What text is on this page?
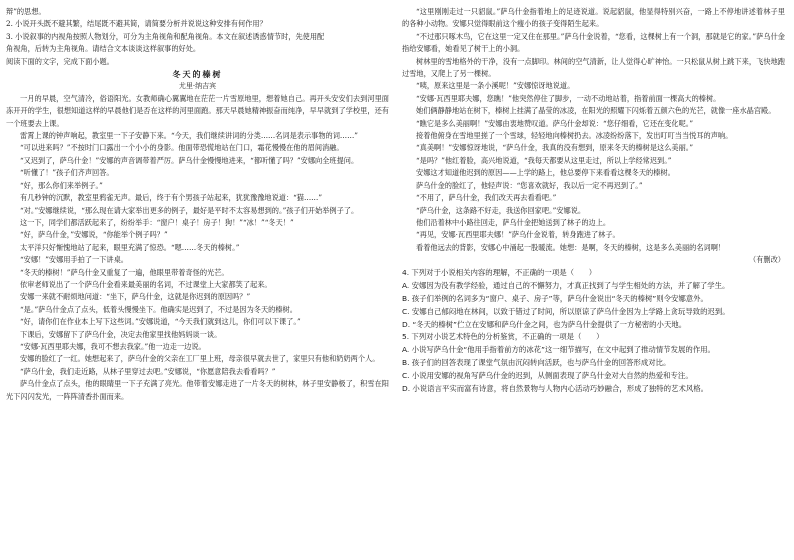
辩”的思想。

2. 小说开头既不避其繁，结尾既不避其简，请简要分析并说说这种安排有何作用？

3. 小说叙事的内视角按照人物划分，可分为主角视角和配角视角。本文在叙述诱惑情节时，先使用配

角视角，后转为主角视角。请结合文本谈谈这样叙事的好处。

阅读下面的文字，完成下面小题。

冬天的榛树

尤里·纳吉宾

一月的早晨，空气清冷，俗语阳光。女教师确心翼翼地在茫茫一片雪原地里，想着她自己。再开头安安们去到河里面冻开开的学生，很想知道这样的早晨他们是否在这样的河里面跑。那天早晨她精神振奋而纯净，早早就到了学校里，还有一个班要去上课。

雷霄上课的钟声响起，教室里一下子安静下来。“今天，我们继续讲词的分类……名词是表示事物的词……”

“可以进来吗？”不按时门口露出一个小小的身影。他面带恐慌地站在门口，霜花慢慢在他的眉间消融。

“又迟到了，萨乌什金！”安娜的声音调带着严厉。萨乌什金慢慢地进来，“都听懂了吗？”安娜向全班提问。

“听懂了！”孩子们齐声回答。

“好，那么你们来举例子。”

有几秒钟的沉默，教室里鸦雀无声。最后，终于有个男孩子站起来，犹犹豫豫地说道：“猫……”

“对。”安娜继续说，“那么现在请大家举出更多的例子，最好是平时不太容易想到的。”孩子们开始举例子了。

这一下，同学们都活跃起来了，纷纷举手：“窗户！桌子！房子！狗！”“冰！”“冬天！”

“好，萨乌什金，”安娜说，“你能举个例子吗？”

太平洋只好惭愧地站了起来，眼里充满了惊恐。“嗯……冬天的榛树。”

“安娜！”安娜用手拍了一下讲桌。

“冬天的榛树！”萨乌什金又重复了一遍，他眼里带着奇怪的光芒。

依审老师说出了一个萨乌什金看来最美丽的名词，不过课堂上大家都笑了起来。

安娜一来就不耐烦地问道：“坐下，萨乌什金，这就是你迟到的原因吗？”

“是。”萨乌什金点了点头，低着头慢慢坐下。他确实是迟到了，不过是因为冬天的榛树。

“好，请你们在作业本上写下这些词。”安娜说道，“今天我们就到这儿，你们可以下课了。”

下课后，安娜留下了萨乌什金，决定去他家里找他妈妈谈一谈。

“安娜·瓦西里耶夫娜，我可不想去我家。”他一边走一边说。

安娜的脸红了一红。她想起来了，萨乌什金的父亲在工厂里上班，母亲很早就去世了，家里只有他和奶奶两个人。

“萨乌什金，我们走近路，从林子里穿过去吧。”安娜说，“你愿意陪我去看看吗？”

萨乌什金点了点头，他的眼睛里一下子充满了亮光。他带着安娜走进了一片冬天的树林，林子里安静极了，积雪在阳光下闪闪发光，一阵阵清香扑面而来。

“这里刚刚走过一只貂鼠。”萨乌什金指着地上的足迹说道。说起貂鼠，他显得特别兴奋，一路上不停地讲述着林子里的各种小动物。安娜只觉得眼前这个瘦小的孩子变得陌生起来。

“不过那只啄木鸟，它在这里一定又住在那里。”萨乌什金说着，“您看，这棵树上有一个洞，那就是它的家。”萨乌什金指给安娜看，她看见了树干上的小洞。

树林里的雪地格外的干净，没有一点脚印。林间的空气清新，让人觉得心旷神怡。一只松鼠从树上跳下来，飞快地跑过雪地，又爬上了另一棵树。

“咦，原来这里是一条小溪呢！”安娜惊讶地说道。

“安娜·瓦西里耶夫娜，您瞧！”他突然停住了脚步，一动不动地站着，指着前面一棵高大的榛树。

她们俩静静地站在树下，榛树上挂满了晶莹的冰凌，在阳光的照耀下闪烁着五颜六色的光芒，就像一座水晶宫殿。

“瞧它是多么美丽啊！”安娜由衷地赞叹道。萨乌什金却说：“您仔细看，它还在变化呢。”

接着他俯身在雪地里搓了一个雪球，轻轻地向榛树扔去。冰凌纷纷落下，发出叮叮当当悦耳的声响。

“真美啊！”安娜惊讶地说，“萨乌什金，我真的没有想到，原来冬天的榛树是这么美丽。”

“是吗？”他红着脸，高兴地说道，“我每天都要从这里走过，所以上学经常迟到。”

安娜这才知道他迟到的原因——上学的路上，他总要停下来看看这棵冬天的榛树。

萨乌什金的脸红了，他轻声说：“您喜欢就好，我以后一定不再迟到了。”

“不用了，萨乌什金，我们改天再去看看吧。”

“萨乌什金，这条路不好走，我送你回家吧。”安娜说。

他们沿着林中小路往回走，萨乌什金把她送到了林子的边上。

“再见，安娜·瓦西里耶夫娜！”萨乌什金说着，转身跑进了林子。

看着他远去的背影，安娜心中涌起一股暖流。她想：是啊，冬天的榛树，这是多么美丽的名词啊！

（有删改）

4. 下列对于小说相关内容的理解，不正确的一项是（　　）

A. 安娜因为没有教学经验，通过自己的不懈努力，才真正找到了与学生相处的方法，并了解了学生。

B. 孩子们举例的名词多为“窗户、桌子、房子”等，萨乌什金说出“冬天的榛树”则令安娜意外。

C. 安娜自己郁闷地在林间，以致于错过了时间，所以原谅了萨乌什金因为上学路上贪玩导致的迟到。

D. “冬天的榛树”伫立在安娜和萨乌什金之间，也为萨乌什金提供了一方秘密的小天地。

5. 下列对小说艺术特色的分析鉴赏，不正确的一项是（　　）

A. 小说写萨乌什金“他用手指着前方的冰花”这一细节描写，在文中起到了推动情节发展的作用。

B. 孩子们的回答表现了课堂气氛由沉闷转向活跃，也与萨乌什金的回答形成对比。

C. 小说用安娜的视角写萨乌什金的迟到，从侧面表现了萨乌什金对大自然的热爱和专注。

D. 小说语言平实而富有诗意，将自然景物与人物内心活动巧妙融合，形成了独特的艺术风格。
